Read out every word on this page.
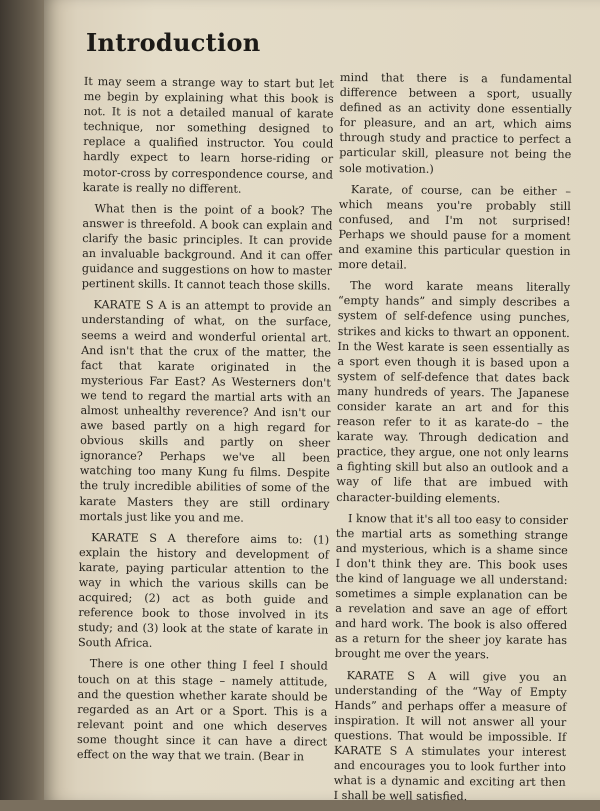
Introduction

It may seem a strange way to start but let me begin by explaining what this book is not. It is not a detailed manual of karate technique, nor something designed to replace a qualified instructor. You could hardly expect to learn horse-riding or motor-cross by correspondence course, and karate is really no different.

What then is the point of a book? The answer is threefold. A book can explain and clarify the basic principles. It can provide an invaluable background. And it can offer guidance and suggestions on how to master pertinent skills. It cannot teach those skills.

KARATE S A is an attempt to provide an understanding of what, on the surface, seems a weird and wonderful oriental art. And isn't that the crux of the matter, the fact that karate originated in the mysterious Far East? As Westerners don't we tend to regard the martial arts with an almost unhealthy reverence? And isn't our awe based partly on a high regard for obvious skills and partly on sheer ignorance? Perhaps we've all been watching too many Kung fu films. Despite the truly incredible abilities of some of the karate Masters they are still ordinary mortals just like you and me.

KARATE S A therefore aims to: (1) explain the history and development of karate, paying particular attention to the way in which the various skills can be acquired; (2) act as both guide and reference book to those involved in its study; and (3) look at the state of karate in South Africa.

There is one other thing I feel I should touch on at this stage – namely attitude, and the question whether karate should be regarded as an Art or a Sport. This is a relevant point and one which deserves some thought since it can have a direct effect on the way that we train. (Bear in

mind that there is a fundamental difference between a sport, usually defined as an activity done essentially for pleasure, and an art, which aims through study and practice to perfect a particular skill, pleasure not being the sole motivation.)

Karate, of course, can be either – which means you're probably still confused, and I'm not surprised! Perhaps we should pause for a moment and examine this particular question in more detail.

The word karate means literally “empty hands” and simply describes a system of self-defence using punches, strikes and kicks to thwart an opponent. In the West karate is seen essentially as a sport even though it is based upon a system of self-defence that dates back many hundreds of years. The Japanese consider karate an art and for this reason refer to it as karate-do – the karate way. Through dedication and practice, they argue, one not only learns a fighting skill but also an outlook and a way of life that are imbued with character-building elements.

I know that it's all too easy to consider the martial arts as something strange and mysterious, which is a shame since I don't think they are. This book uses the kind of language we all understand: sometimes a simple explanation can be a revelation and save an age of effort and hard work. The book is also offered as a return for the sheer joy karate has brought me over the years.

KARATE S A will give you an understanding of the “Way of Empty Hands” and perhaps offer a measure of inspiration. It will not answer all your questions. That would be impossible. If KARATE S A stimulates your interest and encourages you to look further into what is a dynamic and exciting art then I shall be well satisfied.
